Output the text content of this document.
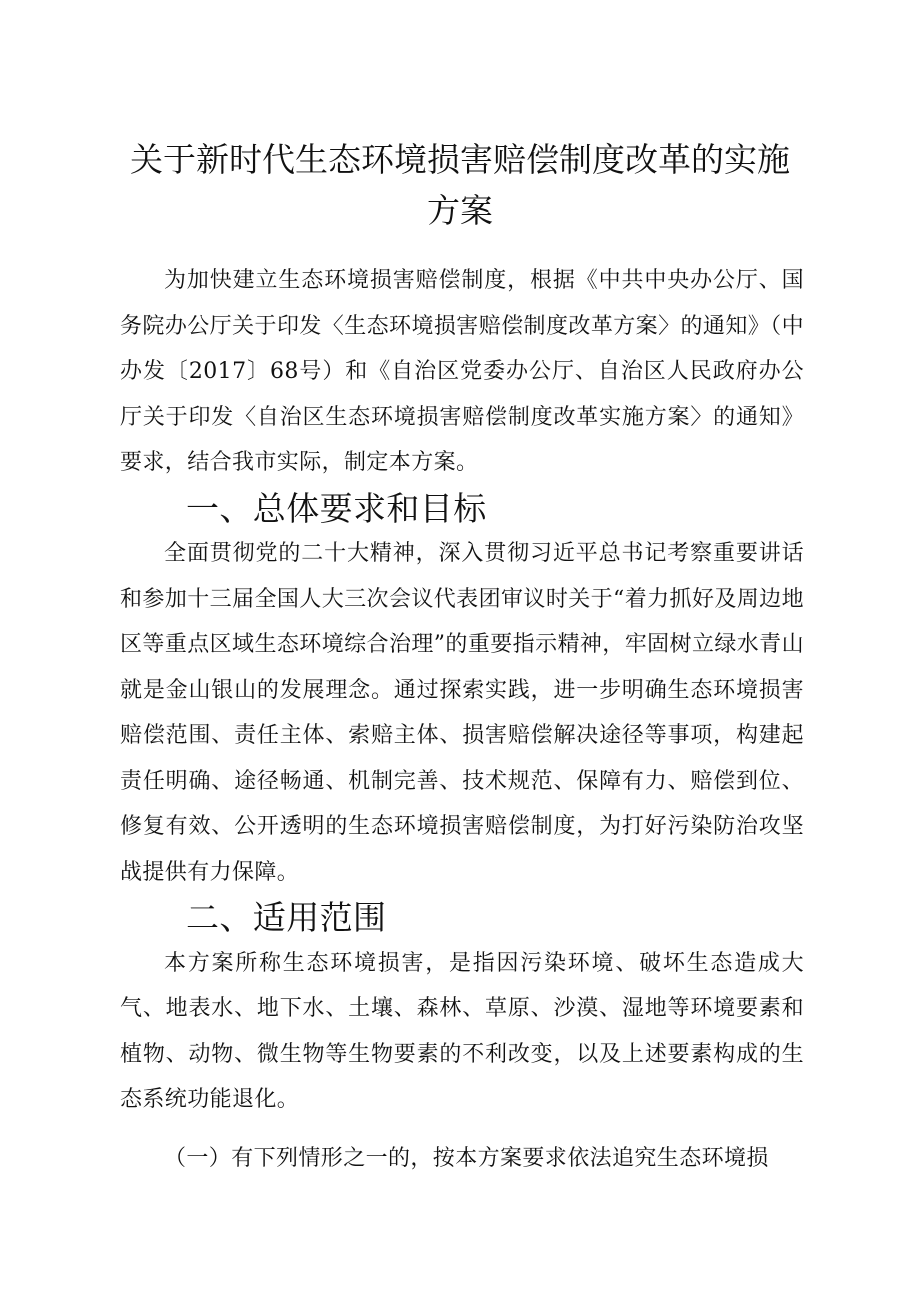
关于新时代生态环境损害赔偿制度改革的实施
方案

为加快建立生态环境损害赔偿制度，根据《中共中央办公厅、国务院办公厅关于印发〈生态环境损害赔偿制度改革方案〉的通知》（中办发〔2017〕68号）和《自治区党委办公厅、自治区人民政府办公厅关于印发〈自治区生态环境损害赔偿制度改革实施方案〉的通知》要求，结合我市实际，制定本方案。

一、总体要求和目标

全面贯彻党的二十大精神，深入贯彻习近平总书记考察重要讲话和参加十三届全国人大三次会议代表团审议时关于“着力抓好及周边地区等重点区域生态环境综合治理”的重要指示精神，牢固树立绿水青山就是金山银山的发展理念。通过探索实践，进一步明确生态环境损害赔偿范围、责任主体、索赔主体、损害赔偿解决途径等事项，构建起责任明确、途径畅通、机制完善、技术规范、保障有力、赔偿到位、修复有效、公开透明的生态环境损害赔偿制度，为打好污染防治攻坚战提供有力保障。

二、适用范围

本方案所称生态环境损害，是指因污染环境、破坏生态造成大气、地表水、地下水、土壤、森林、草原、沙漠、湿地等环境要素和植物、动物、微生物等生物要素的不利改变，以及上述要素构成的生态系统功能退化。

（一）有下列情形之一的，按本方案要求依法追究生态环境损
